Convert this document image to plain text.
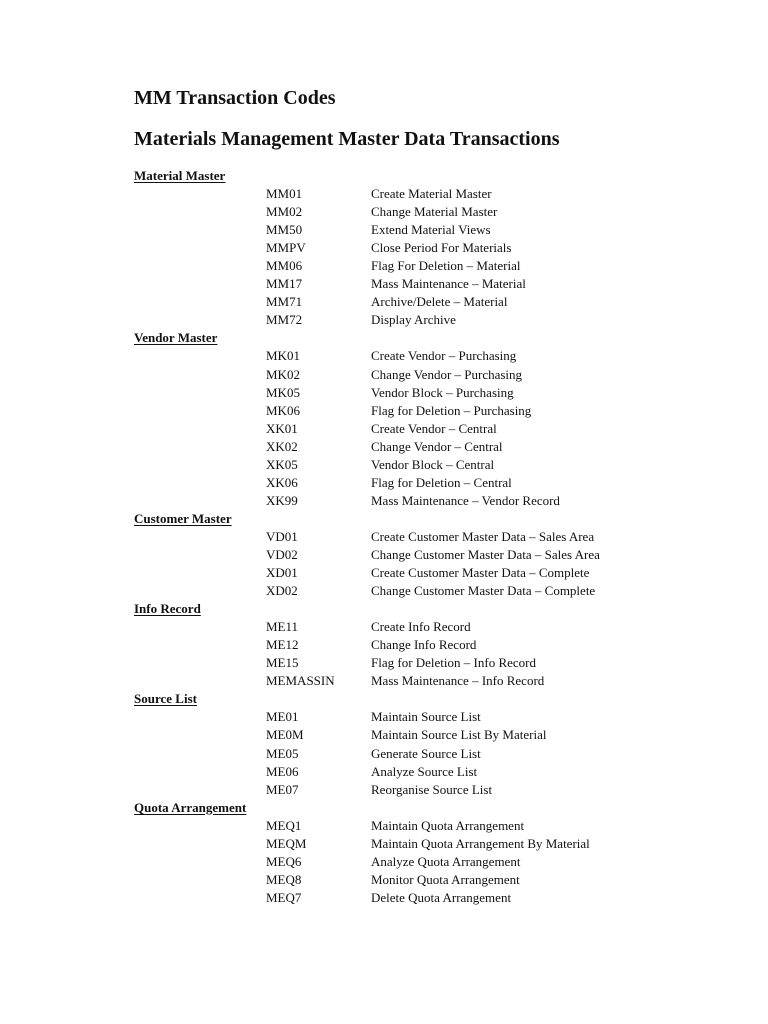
MM Transaction Codes
Materials Management Master Data Transactions
Material Master
MM01	Create Material Master
MM02	Change Material Master
MM50	Extend Material Views
MMPV	Close Period For Materials
MM06	Flag For Deletion – Material
MM17	Mass Maintenance – Material
MM71	Archive/Delete – Material
MM72	Display Archive
Vendor Master
MK01	Create Vendor – Purchasing
MK02	Change Vendor – Purchasing
MK05	Vendor Block – Purchasing
MK06	Flag for Deletion – Purchasing
XK01	Create Vendor – Central
XK02	Change Vendor – Central
XK05	Vendor Block – Central
XK06	Flag for Deletion – Central
XK99	Mass Maintenance – Vendor Record
Customer Master
VD01	Create Customer Master Data – Sales Area
VD02	Change Customer Master Data – Sales Area
XD01	Create Customer Master Data – Complete
XD02	Change Customer Master Data – Complete
Info Record
ME11	Create Info Record
ME12	Change Info Record
ME15	Flag for Deletion – Info Record
MEMASSIN	Mass Maintenance – Info Record
Source List
ME01	Maintain Source List
ME0M	Maintain Source List By Material
ME05	Generate Source List
ME06	Analyze Source List
ME07	Reorganise Source List
Quota Arrangement
MEQ1	Maintain Quota Arrangement
MEQM	Maintain Quota Arrangement By Material
MEQ6	Analyze Quota Arrangement
MEQ8	Monitor Quota Arrangement
MEQ7	Delete Quota Arrangement
